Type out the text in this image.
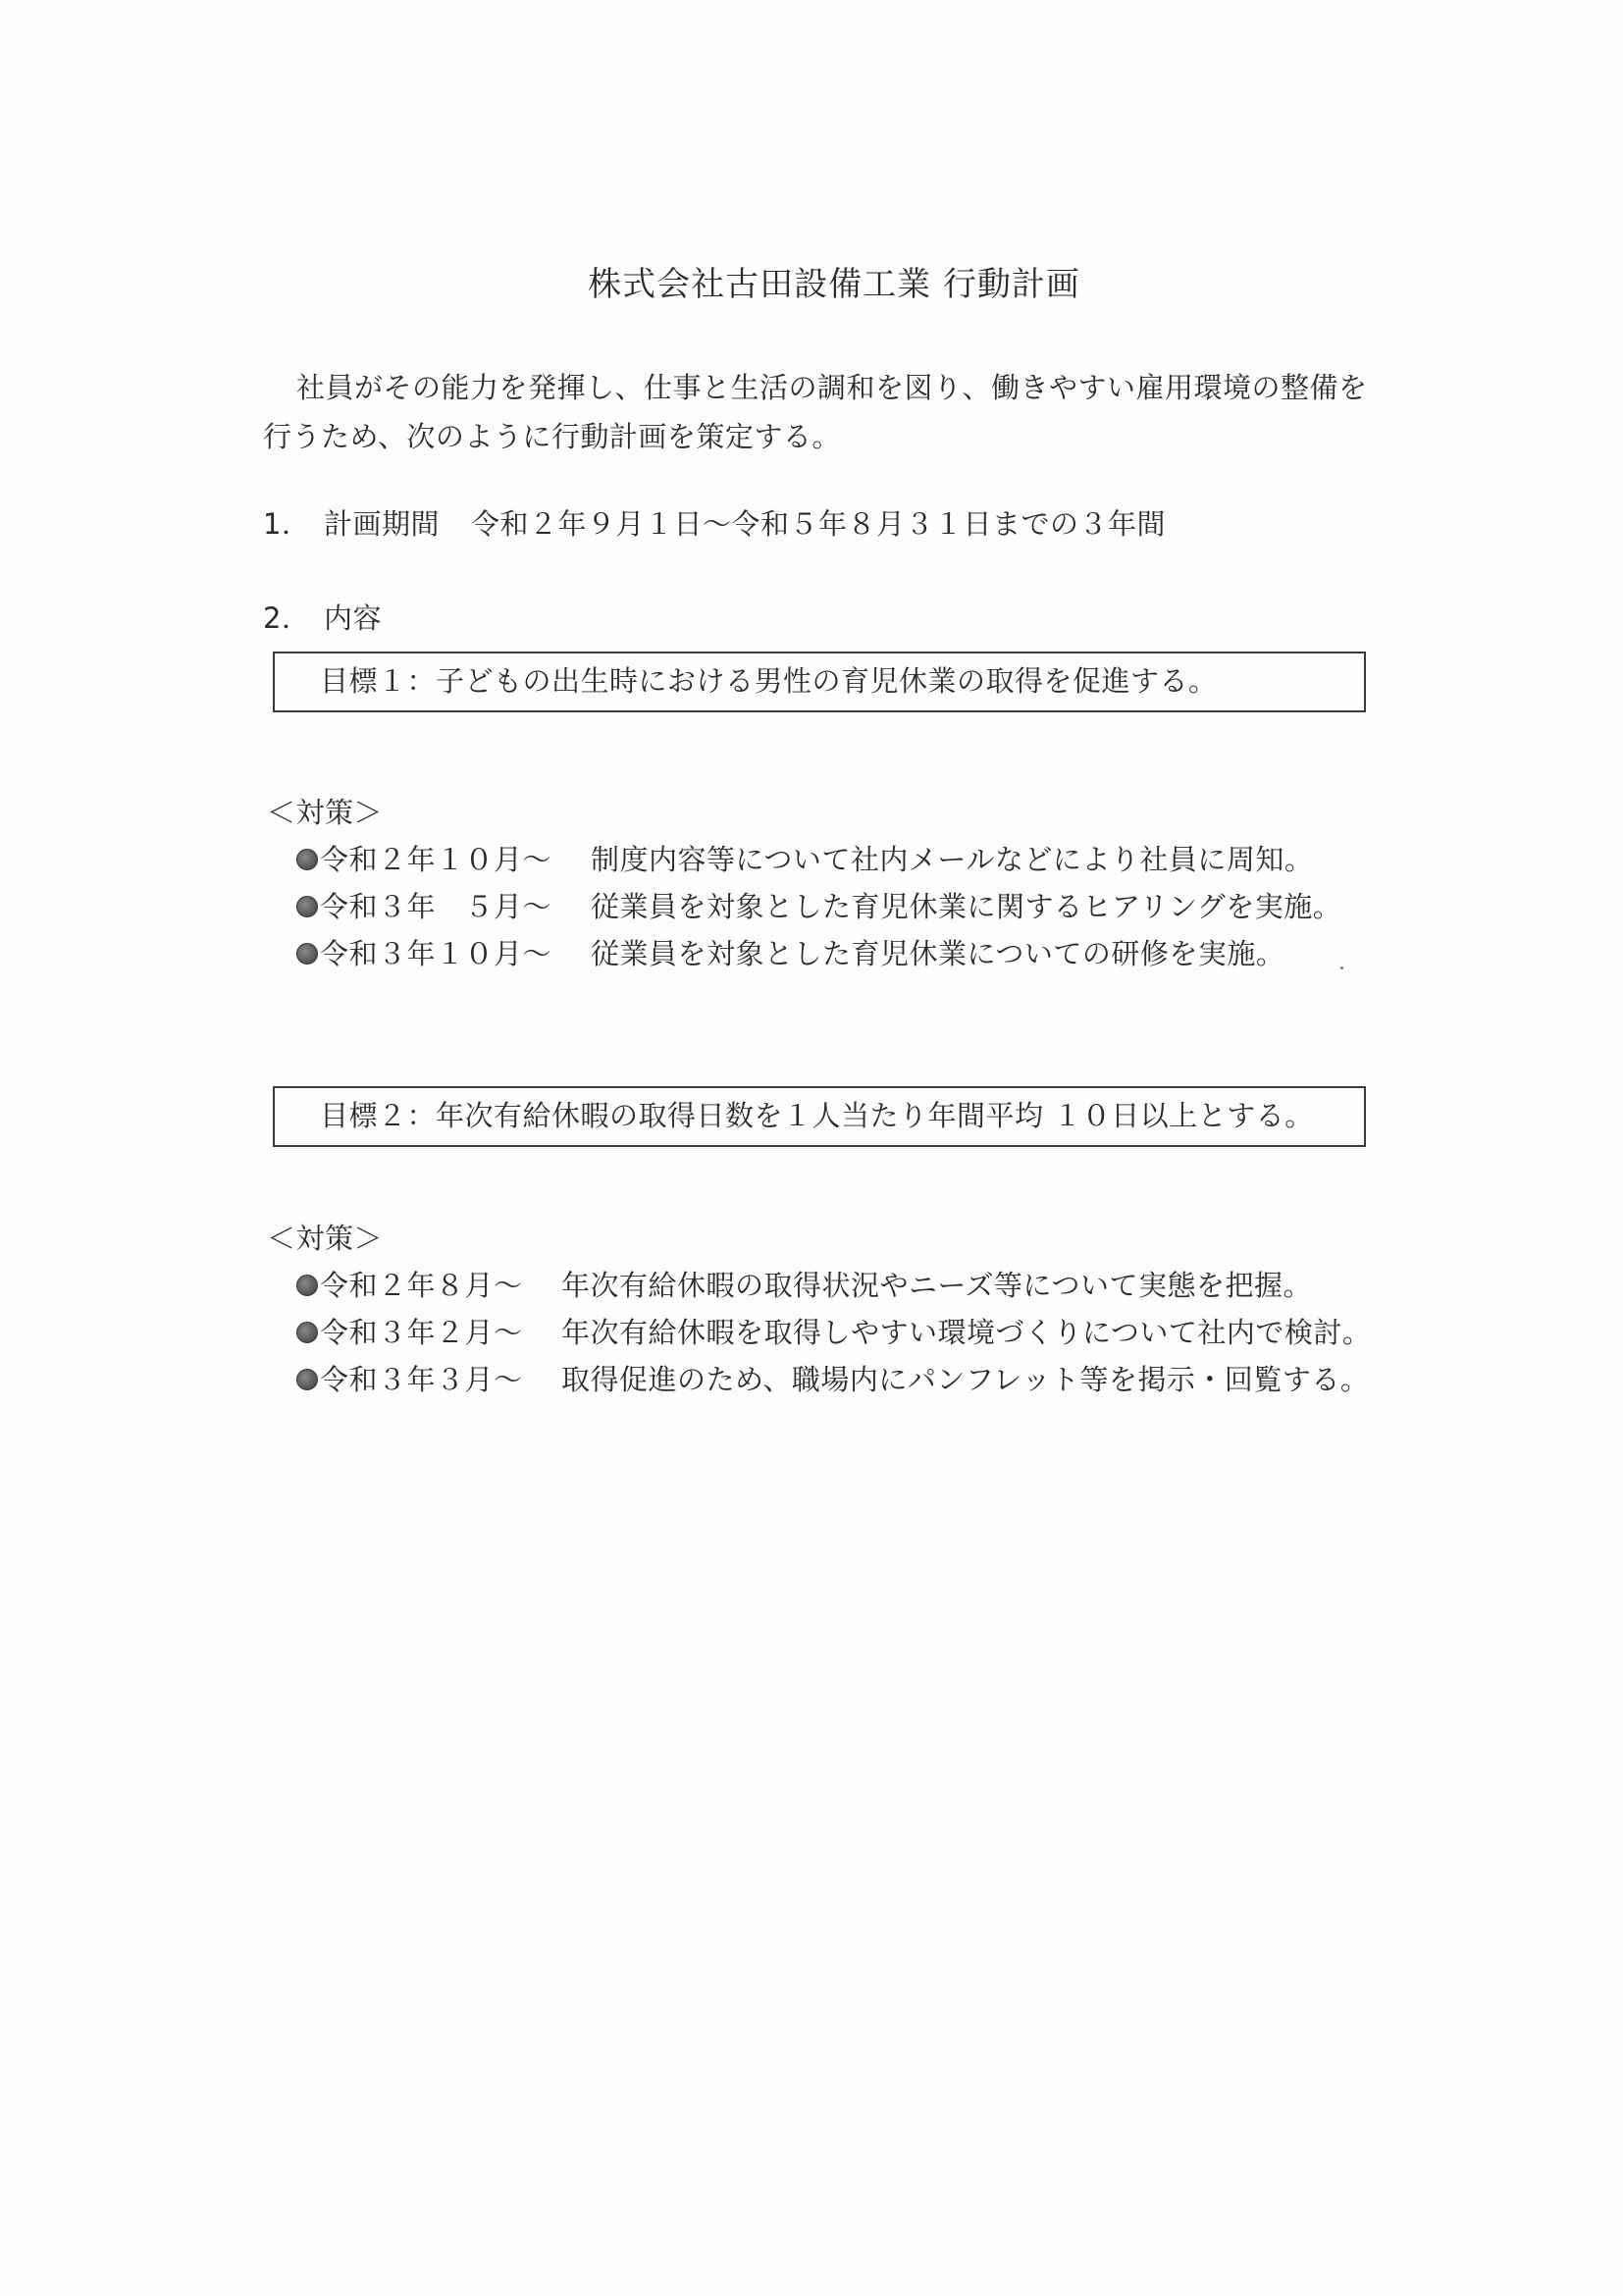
株式会社古田設備工業 行動計画
社員がその能力を発揮し、仕事と生活の調和を図り、働きやすい雇用環境の整備を
行うため、次のように行動計画を策定する。
1． 計画期間 令和２年９月１日～令和５年８月３１日までの３年間
2． 内容
目標１：子どもの出生時における男性の育児休業の取得を促進する。
＜対策＞
令和２年１０月～	制度内容等について社内メールなどにより社員に周知。
令和３年　５月～	従業員を対象とした育児休業に関するヒアリングを実施。
令和３年１０月～	従業員を対象とした育児休業についての研修を実施。
目標２：年次有給休暇の取得日数を１人当たり年間平均 １０日以上とする。
＜対策＞
令和２年８月～	年次有給休暇の取得状況やニーズ等について実態を把握。
令和３年２月～	年次有給休暇を取得しやすい環境づくりについて社内で検討。
令和３年３月～	取得促進のため、職場内にパンフレット等を掲示・回覧する。
